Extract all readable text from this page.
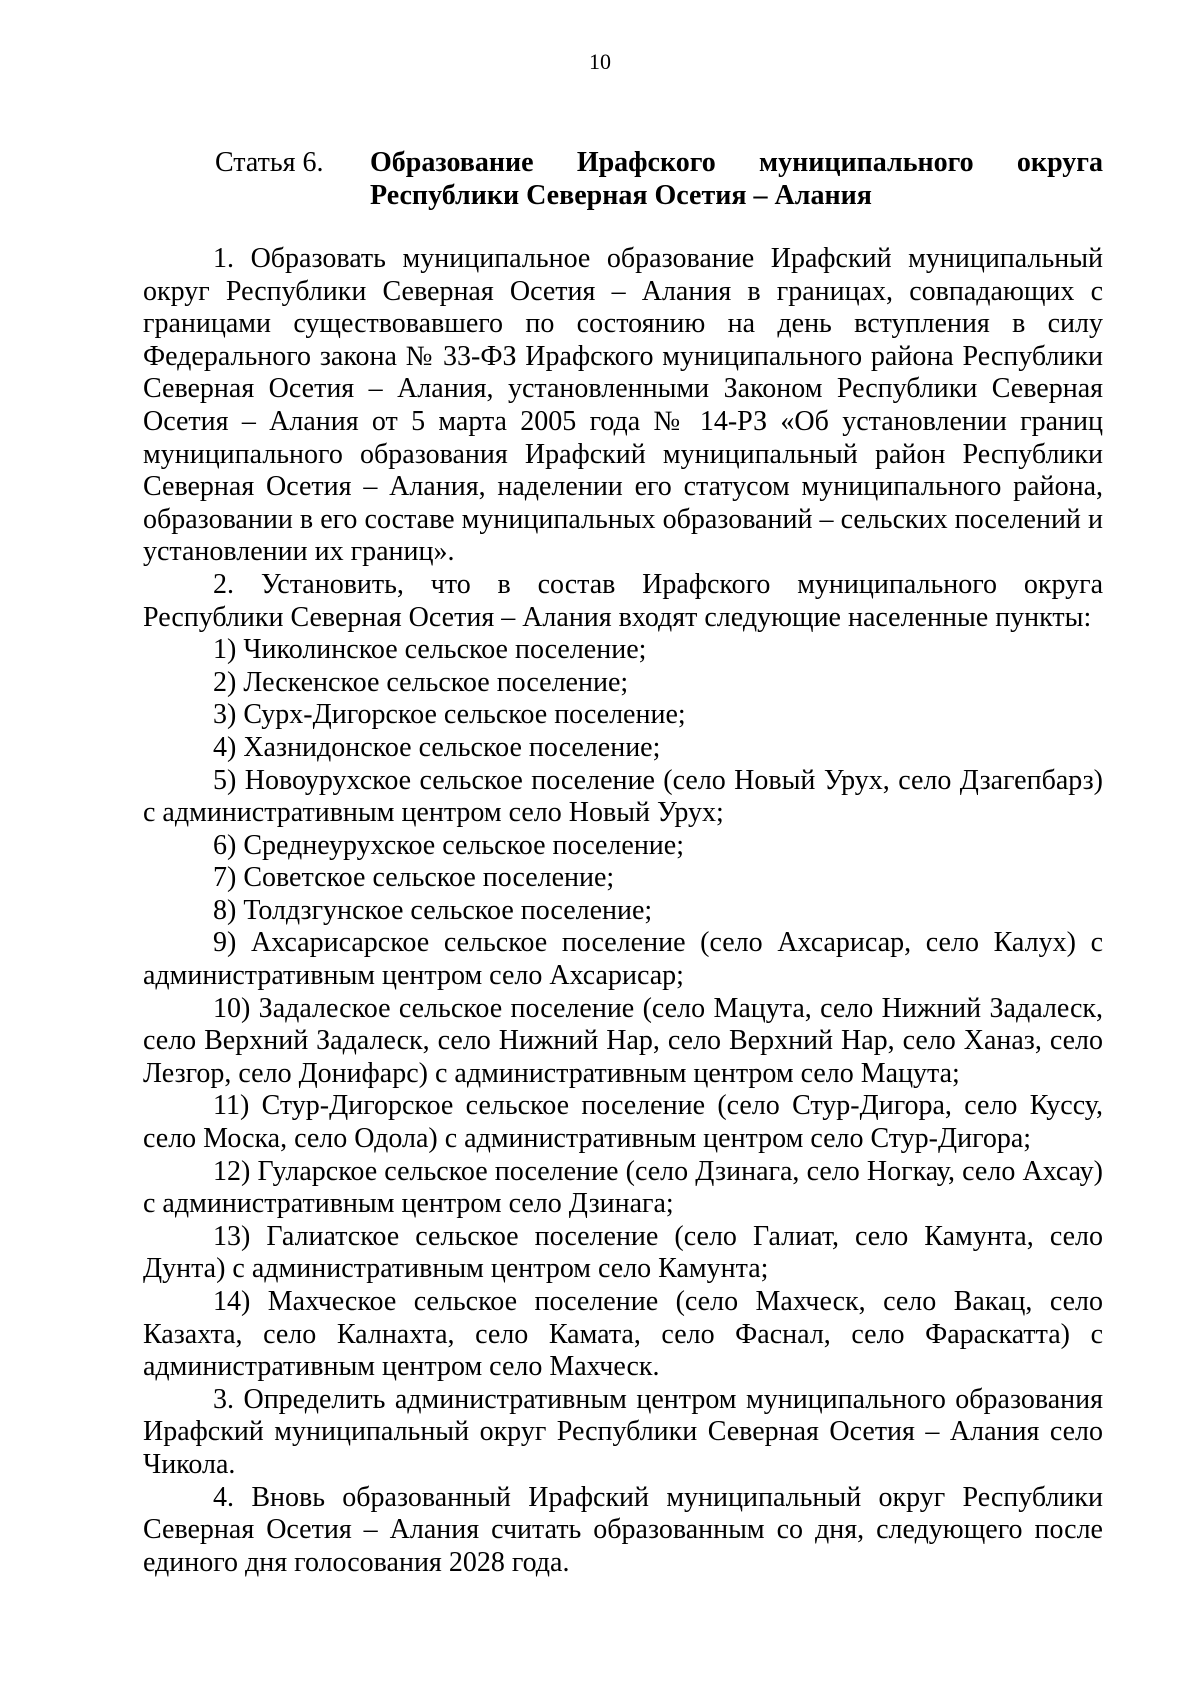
10
Статья 6. Образование Ирафского муниципального округа
Республики Северная Осетия – Алания

1. Образовать муниципальное образование Ирафский муниципальный округ Республики Северная Осетия – Алания в границах, совпадающих с границами существовавшего по состоянию на день вступления в силу Федерального закона № 33-ФЗ Ирафского муниципального района Республики Северная Осетия – Алания, установленными Законом Республики Северная Осетия – Алания от 5 марта 2005 года № 14-РЗ «Об установлении границ муниципального образования Ирафский муниципальный район Республики Северная Осетия – Алания, наделении его статусом муниципального района, образовании в его составе муниципальных образований – сельских поселений и установлении их границ».

2. Установить, что в состав Ирафского муниципального округа Республики Северная Осетия – Алания входят следующие населенные пункты:

1) Чиколинское сельское поселение;

2) Лескенское сельское поселение;

3) Сурх-Дигорское сельское поселение;

4) Хазнидонское сельское поселение;

5) Новоурухское сельское поселение (село Новый Урух, село Дзагепбарз) с административным центром село Новый Урух;

6) Среднеурухское сельское поселение;

7) Советское сельское поселение;

8) Толдзгунское сельское поселение;

9) Ахсарисарское сельское поселение (село Ахсарисар, село Калух) с административным центром село Ахсарисар;

10) Задалеское сельское поселение (село Мацута, село Нижний Задалеск, село Верхний Задалеск, село Нижний Нар, село Верхний Нар, село Ханаз, село Лезгор, село Донифарс) с административным центром село Мацута;

11) Стур-Дигорское сельское поселение (село Стур-Дигора, село Куссу, село Моска, село Одола) с административным центром село Стур-Дигора;

12) Гуларское сельское поселение (село Дзинага, село Ногкау, село Ахсау) с административным центром село Дзинага;

13) Галиатское сельское поселение (село Галиат, село Камунта, село Дунта) с административным центром село Камунта;

14) Махческое сельское поселение (село Махческ, село Вакац, село Казахта, село Калнахта, село Камата, село Фаснал, село Фараскатта) с административным центром село Махческ.

3. Определить административным центром муниципального образования Ирафский муниципальный округ Республики Северная Осетия – Алания село Чикола.

4. Вновь образованный Ирафский муниципальный округ Республики Северная Осетия – Алания считать образованным со дня, следующего после единого дня голосования 2028 года.
